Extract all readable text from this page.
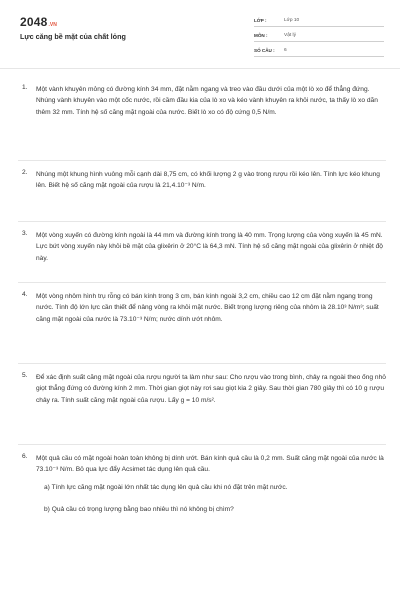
2048 .VN
Lực căng bề mặt của chất lỏng
LỚP :	Lớp 10
MÔN :	Vật lý
SỐ CÂU :	6
1. Một vành khuyên mỏng có đường kính 34 mm, đặt nằm ngang và treo vào đầu dưới của một lò xo để thẳng đứng. Nhúng vành khuyên vào một cốc nước, rồi cầm đầu kia của lò xo và kéo vành khuyên ra khỏi nước, ta thấy lò xo dãn thêm 32 mm. Tính hệ số căng mặt ngoài của nước. Biết lò xo có độ cứng 0,5 N/m.
2. Nhúng một khung hình vuông mỗi cạnh dài 8,75 cm, có khối lượng 2 g vào trong rượu rồi kéo lên. Tính lực kéo khung lên. Biết hệ số căng mặt ngoài của rượu là 21,4.10⁻³ N/m.
3. Một vòng xuyến có đường kính ngoài là 44 mm và đường kính trong là 40 mm. Trọng lượng của vòng xuyến là 45 mN. Lực bứt vòng xuyến này khỏi bề mặt của glixêrin ở 20°C là 64,3 mN. Tính hệ số căng mặt ngoài của glixêrin ở nhiệt độ này.
4. Một vòng nhôm hình trụ rỗng có bán kính trong 3 cm, bán kính ngoài 3,2 cm, chiều cao 12 cm đặt nằm ngang trong nước. Tính độ lớn lực cần thiết để nâng vòng ra khỏi mặt nước. Biết trọng lượng riêng của nhôm là 28.10³ N/m³; suất căng mặt ngoài của nước là 73.10⁻³ N/m; nước dính ướt nhôm.
5. Để xác định suất căng mặt ngoài của rượu người ta làm như sau: Cho rượu vào trong bình, chảy ra ngoài theo ống nhỏ giọt thẳng đứng có đường kính 2 mm. Thời gian giọt này rơi sau giọt kia 2 giây. Sau thời gian 780 giây thì có 10 g rượu chảy ra. Tính suất căng mặt ngoài của rượu. Lấy g = 10 m/s².
6. Một quả cầu có mặt ngoài hoàn toàn không bị dính ướt. Bán kính quả cầu là 0,2 mm. Suất căng mặt ngoài của nước là 73.10⁻³ N/m. Bỏ qua lực đẩy Acsimet tác dụng lên quả cầu.
a) Tính lực căng mặt ngoài lớn nhất tác dụng lên quả cầu khi nó đặt trên mặt nước.
b) Quả cầu có trọng lượng bằng bao nhiêu thì nó không bị chìm?
